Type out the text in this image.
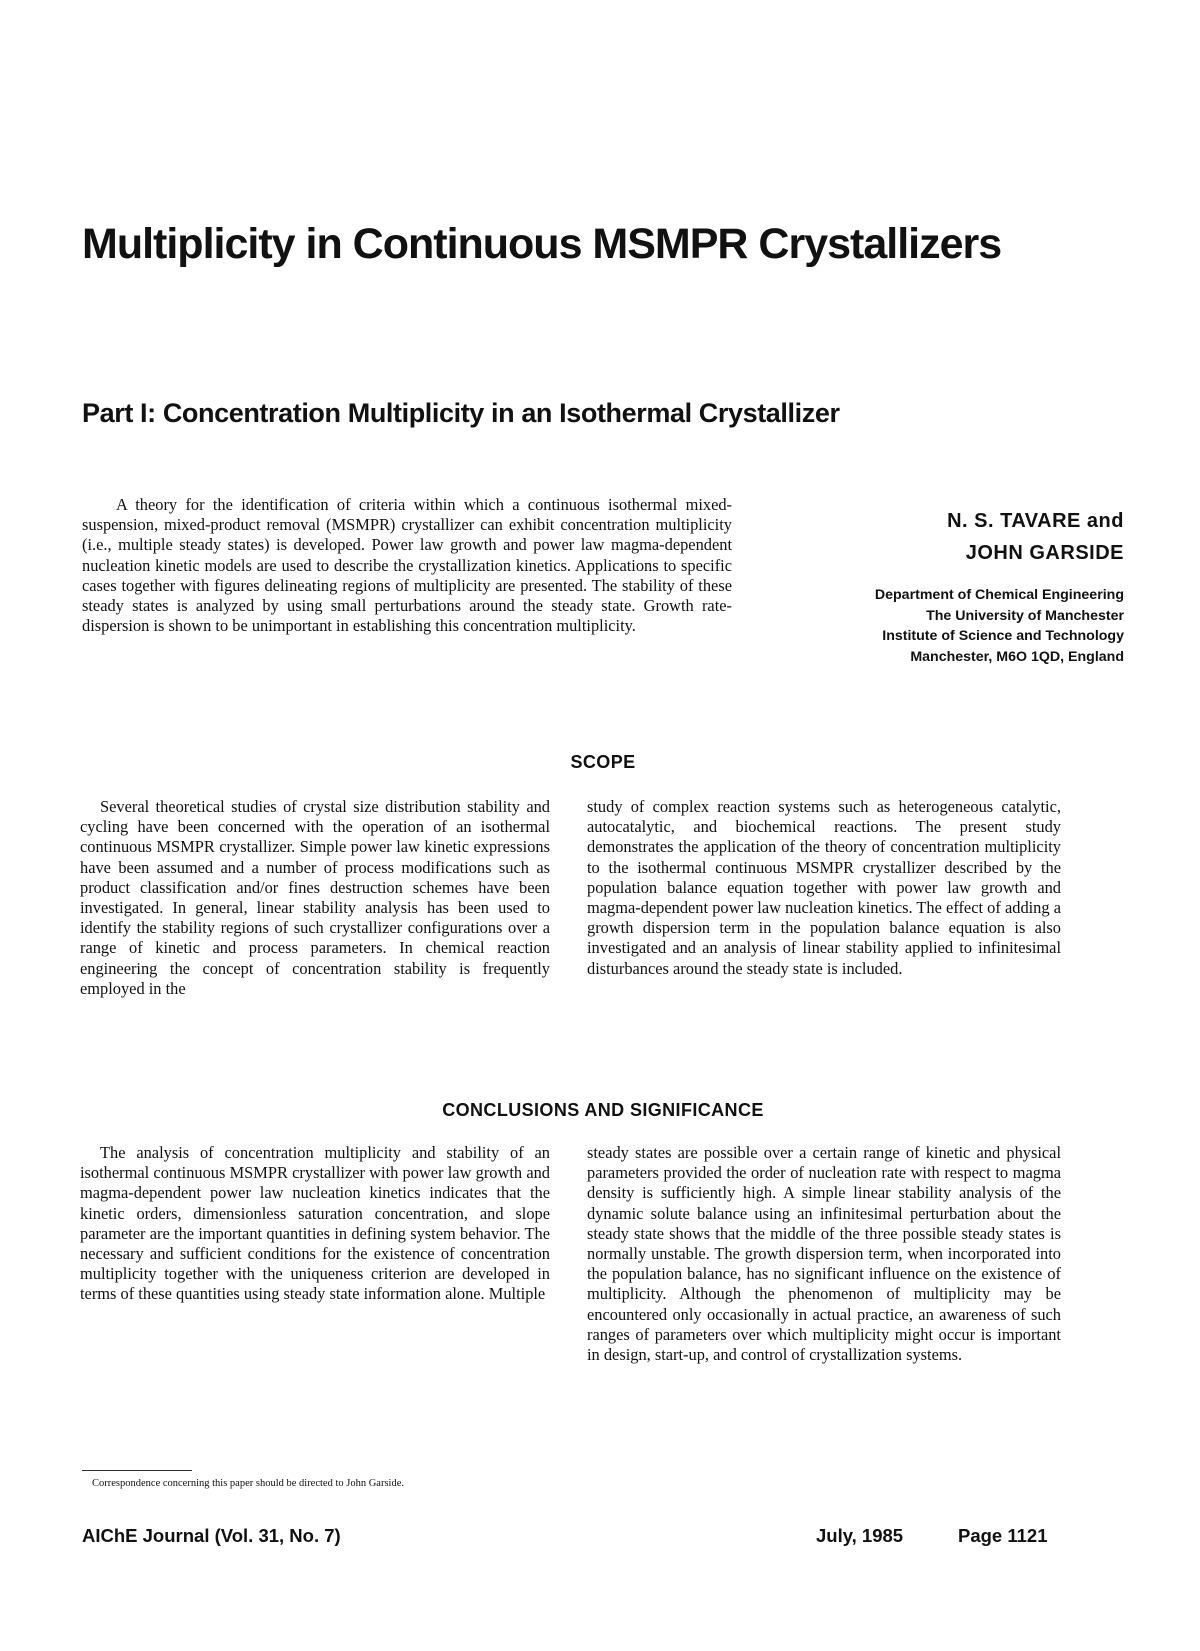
Multiplicity in Continuous MSMPR Crystallizers
Part I: Concentration Multiplicity in an Isothermal Crystallizer

A theory for the identification of criteria within which a continuous isothermal mixed-suspension, mixed-product removal (MSMPR) crystallizer can exhibit concentration multiplicity (i.e., multiple steady states) is developed. Power law growth and power law magma-dependent nucleation kinetic models are used to describe the crystallization kinetics. Applications to specific cases together with figures delineating regions of multiplicity are presented. The stability of these steady states is analyzed by using small perturbations around the steady state. Growth rate-dispersion is shown to be unimportant in establishing this concentration multiplicity.

N. S. TAVARE and
JOHN GARSIDE
Department of Chemical Engineering
The University of Manchester
Institute of Science and Technology
Manchester, M6O 1QD, England
SCOPE

Several theoretical studies of crystal size distribution stability and cycling have been concerned with the operation of an isothermal continuous MSMPR crystallizer. Simple power law kinetic expressions have been assumed and a number of process modifications such as product classification and/or fines destruction schemes have been investigated. In general, linear stability analysis has been used to identify the stability regions of such crystallizer configurations over a range of kinetic and process parameters. In chemical reaction engineering the concept of concentration stability is frequently employed in the

study of complex reaction systems such as heterogeneous catalytic, autocatalytic, and biochemical reactions. The present study demonstrates the application of the theory of concentration multiplicity to the isothermal continuous MSMPR crystallizer described by the population balance equation together with power law growth and magma-dependent power law nucleation kinetics. The effect of adding a growth dispersion term in the population balance equation is also investigated and an analysis of linear stability applied to infinitesimal disturbances around the steady state is included.

CONCLUSIONS AND SIGNIFICANCE

The analysis of concentration multiplicity and stability of an isothermal continuous MSMPR crystallizer with power law growth and magma-dependent power law nucleation kinetics indicates that the kinetic orders, dimensionless saturation concentration, and slope parameter are the important quantities in defining system behavior. The necessary and sufficient conditions for the existence of concentration multiplicity together with the uniqueness criterion are developed in terms of these quantities using steady state information alone. Multiple

steady states are possible over a certain range of kinetic and physical parameters provided the order of nucleation rate with respect to magma density is sufficiently high. A simple linear stability analysis of the dynamic solute balance using an infinitesimal perturbation about the steady state shows that the middle of the three possible steady states is normally unstable. The growth dispersion term, when incorporated into the population balance, has no significant influence on the existence of multiplicity. Although the phenomenon of multiplicity may be encountered only occasionally in actual practice, an awareness of such ranges of parameters over which multiplicity might occur is important in design, start-up, and control of crystallization systems.

Correspondence concerning this paper should be directed to John Garside.

AIChE Journal (Vol. 31, No. 7)	July, 1985	Page 1121
